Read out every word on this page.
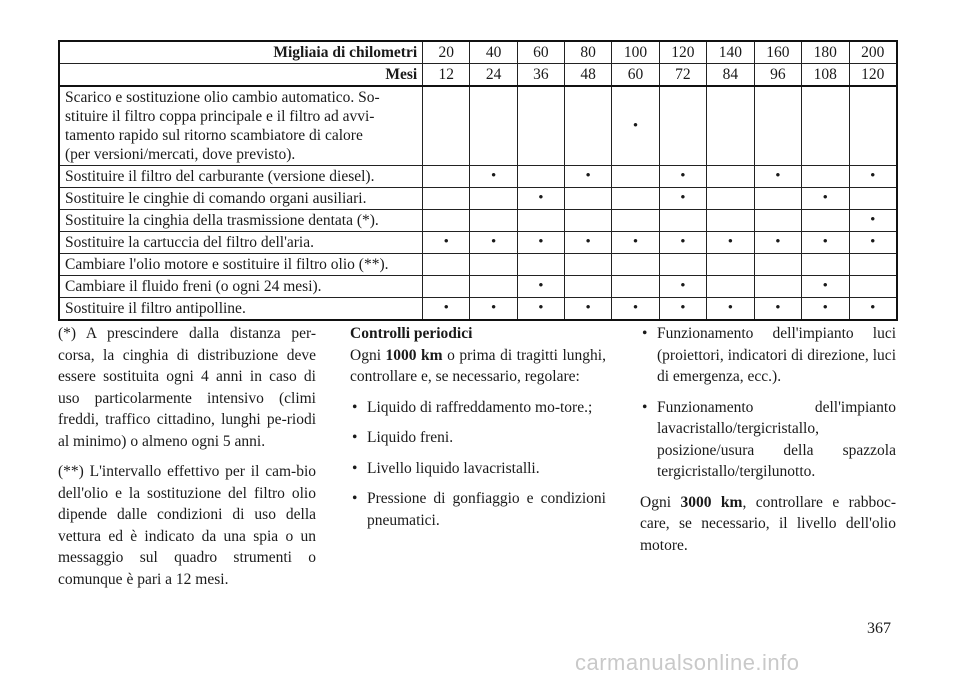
Migliaia di chilometri	20	40	60	80	100	120	140	160	180	200
Mesi	12	24	36	48	60	72	84	96	108	120
Scarico e sostituzione olio cambio automatico. So-
stituire il filtro coppa principale e il filtro ad avvi-
tamento rapido sul ritorno scambiatore di calore
(per versioni/mercati, dove previsto).					•					
Sostituire il filtro del carburante (versione diesel).		•		•		•		•		•
Sostituire le cinghie di comando organi ausiliari.			•			•			•	
Sostituire la cinghia della trasmissione dentata (*).										•
Sostituire la cartuccia del filtro dell'aria.	•	•	•	•	•	•	•	•	•	•
Cambiare l'olio motore e sostituire il filtro olio (**).										
Cambiare il fluido freni (o ogni 24 mesi).			•			•			•	
Sostituire il filtro antipolline.	•	•	•	•	•	•	•	•	•	•

(*) A prescindere dalla distanza per-corsa, la cinghia di distribuzione deve essere sostituita ogni 4 anni in caso di uso particolarmente intensivo (climi freddi, traffico cittadino, lunghi pe-riodi al minimo) o almeno ogni 5 anni.

(**) L'intervallo effettivo per il cam-bio dell'olio e la sostituzione del filtro olio dipende dalle condizioni di uso della vettura ed è indicato da una spia o un messaggio sul quadro strumenti o comunque è pari a 12 mesi.

Controlli periodici

Ogni 1000 km o prima di tragitti lunghi, controllare e, se necessario, regolare:

• Liquido di raffreddamento mo-tore.;
• Liquido freni.
• Livello liquido lavacristalli.
• Pressione di gonfiaggio e condizioni pneumatici.
• Funzionamento dell'impianto luci (proiettori, indicatori di direzione, luci di emergenza, ecc.).
• Funzionamento dell'impianto lavacristallo/tergicristallo, posizione/usura della spazzola tergicristallo/tergilunotto.

Ogni 3000 km, controllare e rabboc-care, se necessario, il livello dell'olio motore.

367
carmanualsonline.info
